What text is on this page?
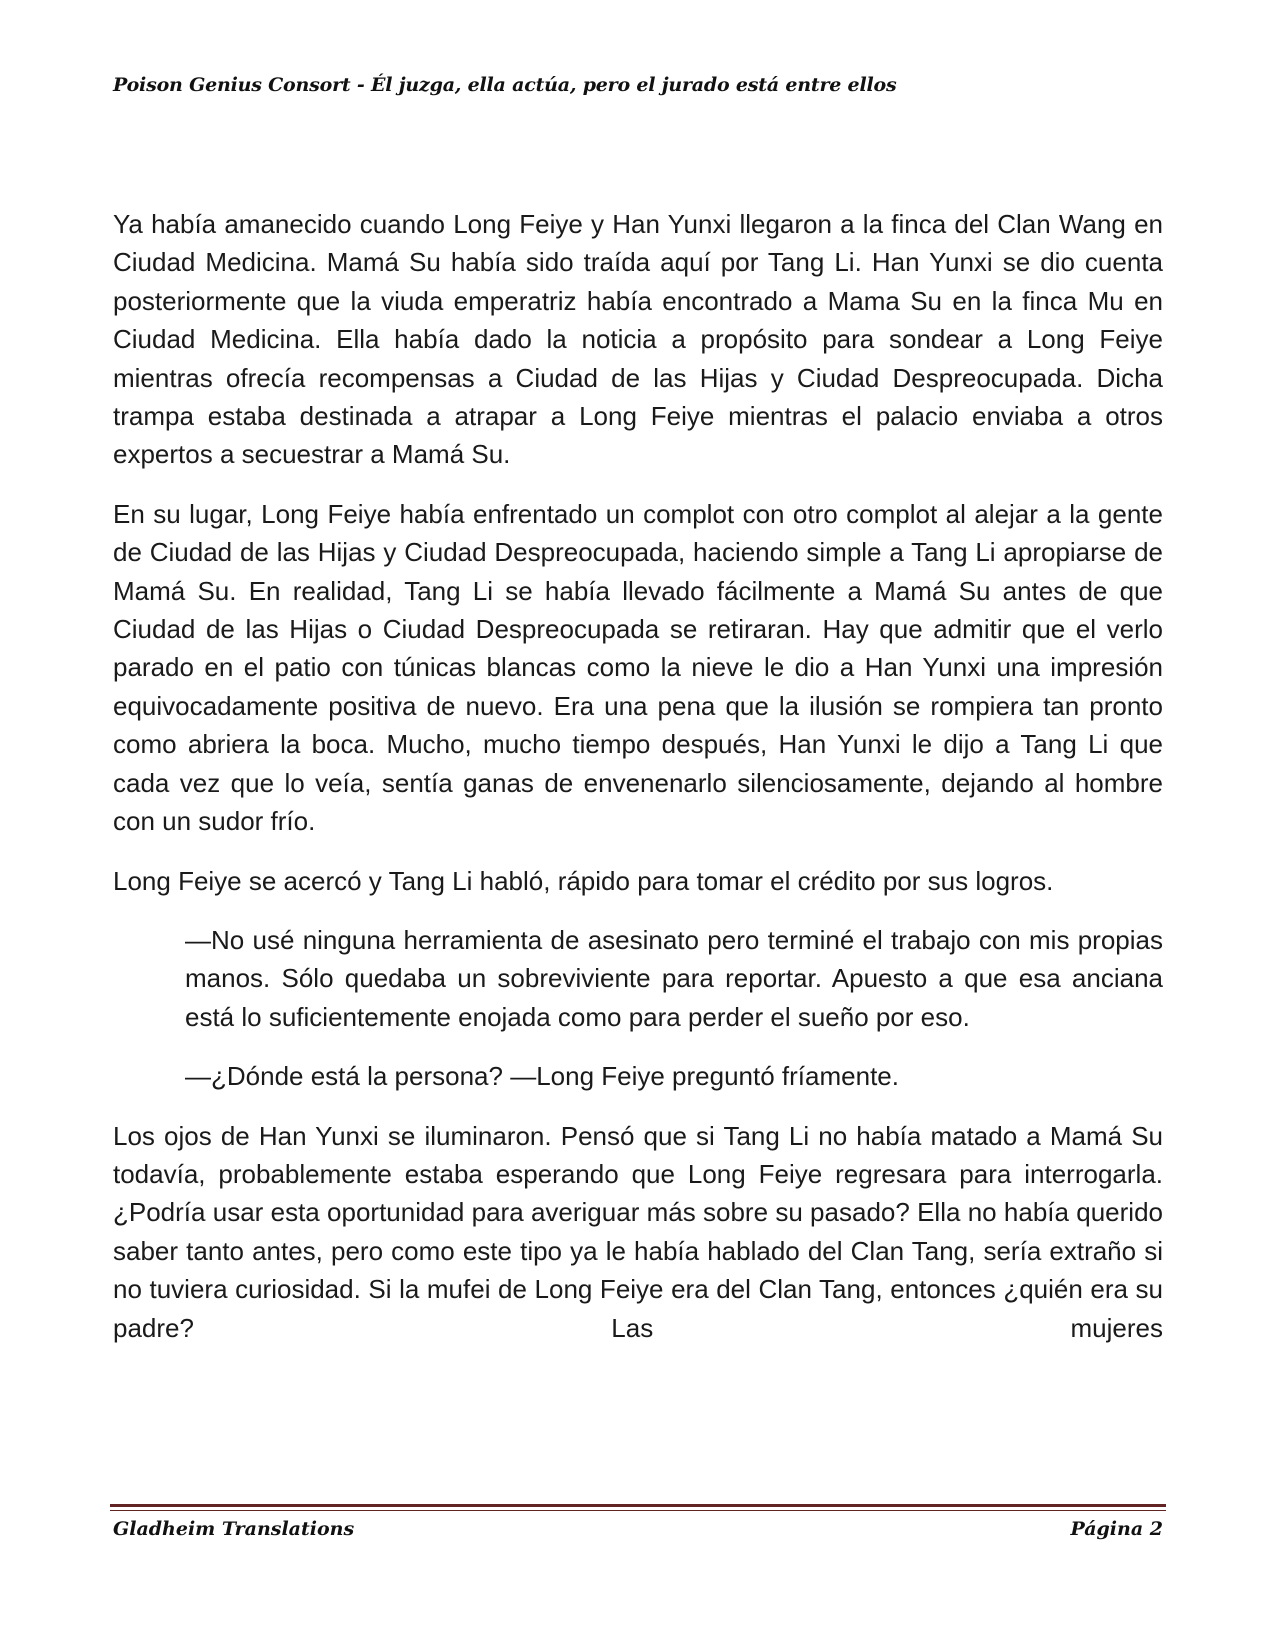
Poison Genius Consort - Él juzga, ella actúa, pero el jurado está entre ellos

Ya había amanecido cuando Long Feiye y Han Yunxi llegaron a la finca del Clan Wang en Ciudad Medicina. Mamá Su había sido traída aquí por Tang Li. Han Yunxi se dio cuenta posteriormente que la viuda emperatriz había encontrado a Mama Su en la finca Mu en Ciudad Medicina. Ella había dado la noticia a propósito para sondear a Long Feiye mientras ofrecía recompensas a Ciudad de las Hijas y Ciudad Despreocupada. Dicha trampa estaba destinada a atrapar a Long Feiye mientras el palacio enviaba a otros expertos a secuestrar a Mamá Su.

En su lugar, Long Feiye había enfrentado un complot con otro complot al alejar a la gente de Ciudad de las Hijas y Ciudad Despreocupada, haciendo simple a Tang Li apropiarse de Mamá Su. En realidad, Tang Li se había llevado fácilmente a Mamá Su antes de que Ciudad de las Hijas o Ciudad Despreocupada se retiraran. Hay que admitir que el verlo parado en el patio con túnicas blancas como la nieve le dio a Han Yunxi una impresión equivocadamente positiva de nuevo. Era una pena que la ilusión se rompiera tan pronto como abriera la boca. Mucho, mucho tiempo después, Han Yunxi le dijo a Tang Li que cada vez que lo veía, sentía ganas de envenenarlo silenciosamente, dejando al hombre con un sudor frío.

Long Feiye se acercó y Tang Li habló, rápido para tomar el crédito por sus logros.

—No usé ninguna herramienta de asesinato pero terminé el trabajo con mis propias manos. Sólo quedaba un sobreviviente para reportar. Apuesto a que esa anciana está lo suficientemente enojada como para perder el sueño por eso.

—¿Dónde está la persona? —Long Feiye preguntó fríamente.

Los ojos de Han Yunxi se iluminaron. Pensó que si Tang Li no había matado a Mamá Su todavía, probablemente estaba esperando que Long Feiye regresara para interrogarla. ¿Podría usar esta oportunidad para averiguar más sobre su pasado? Ella no había querido saber tanto antes, pero como este tipo ya le había hablado del Clan Tang, sería extraño si no tuviera curiosidad. Si la mufei de Long Feiye era del Clan Tang, entonces ¿quién era su padre? Las mujeres

Gladheim Translations	Página 2
